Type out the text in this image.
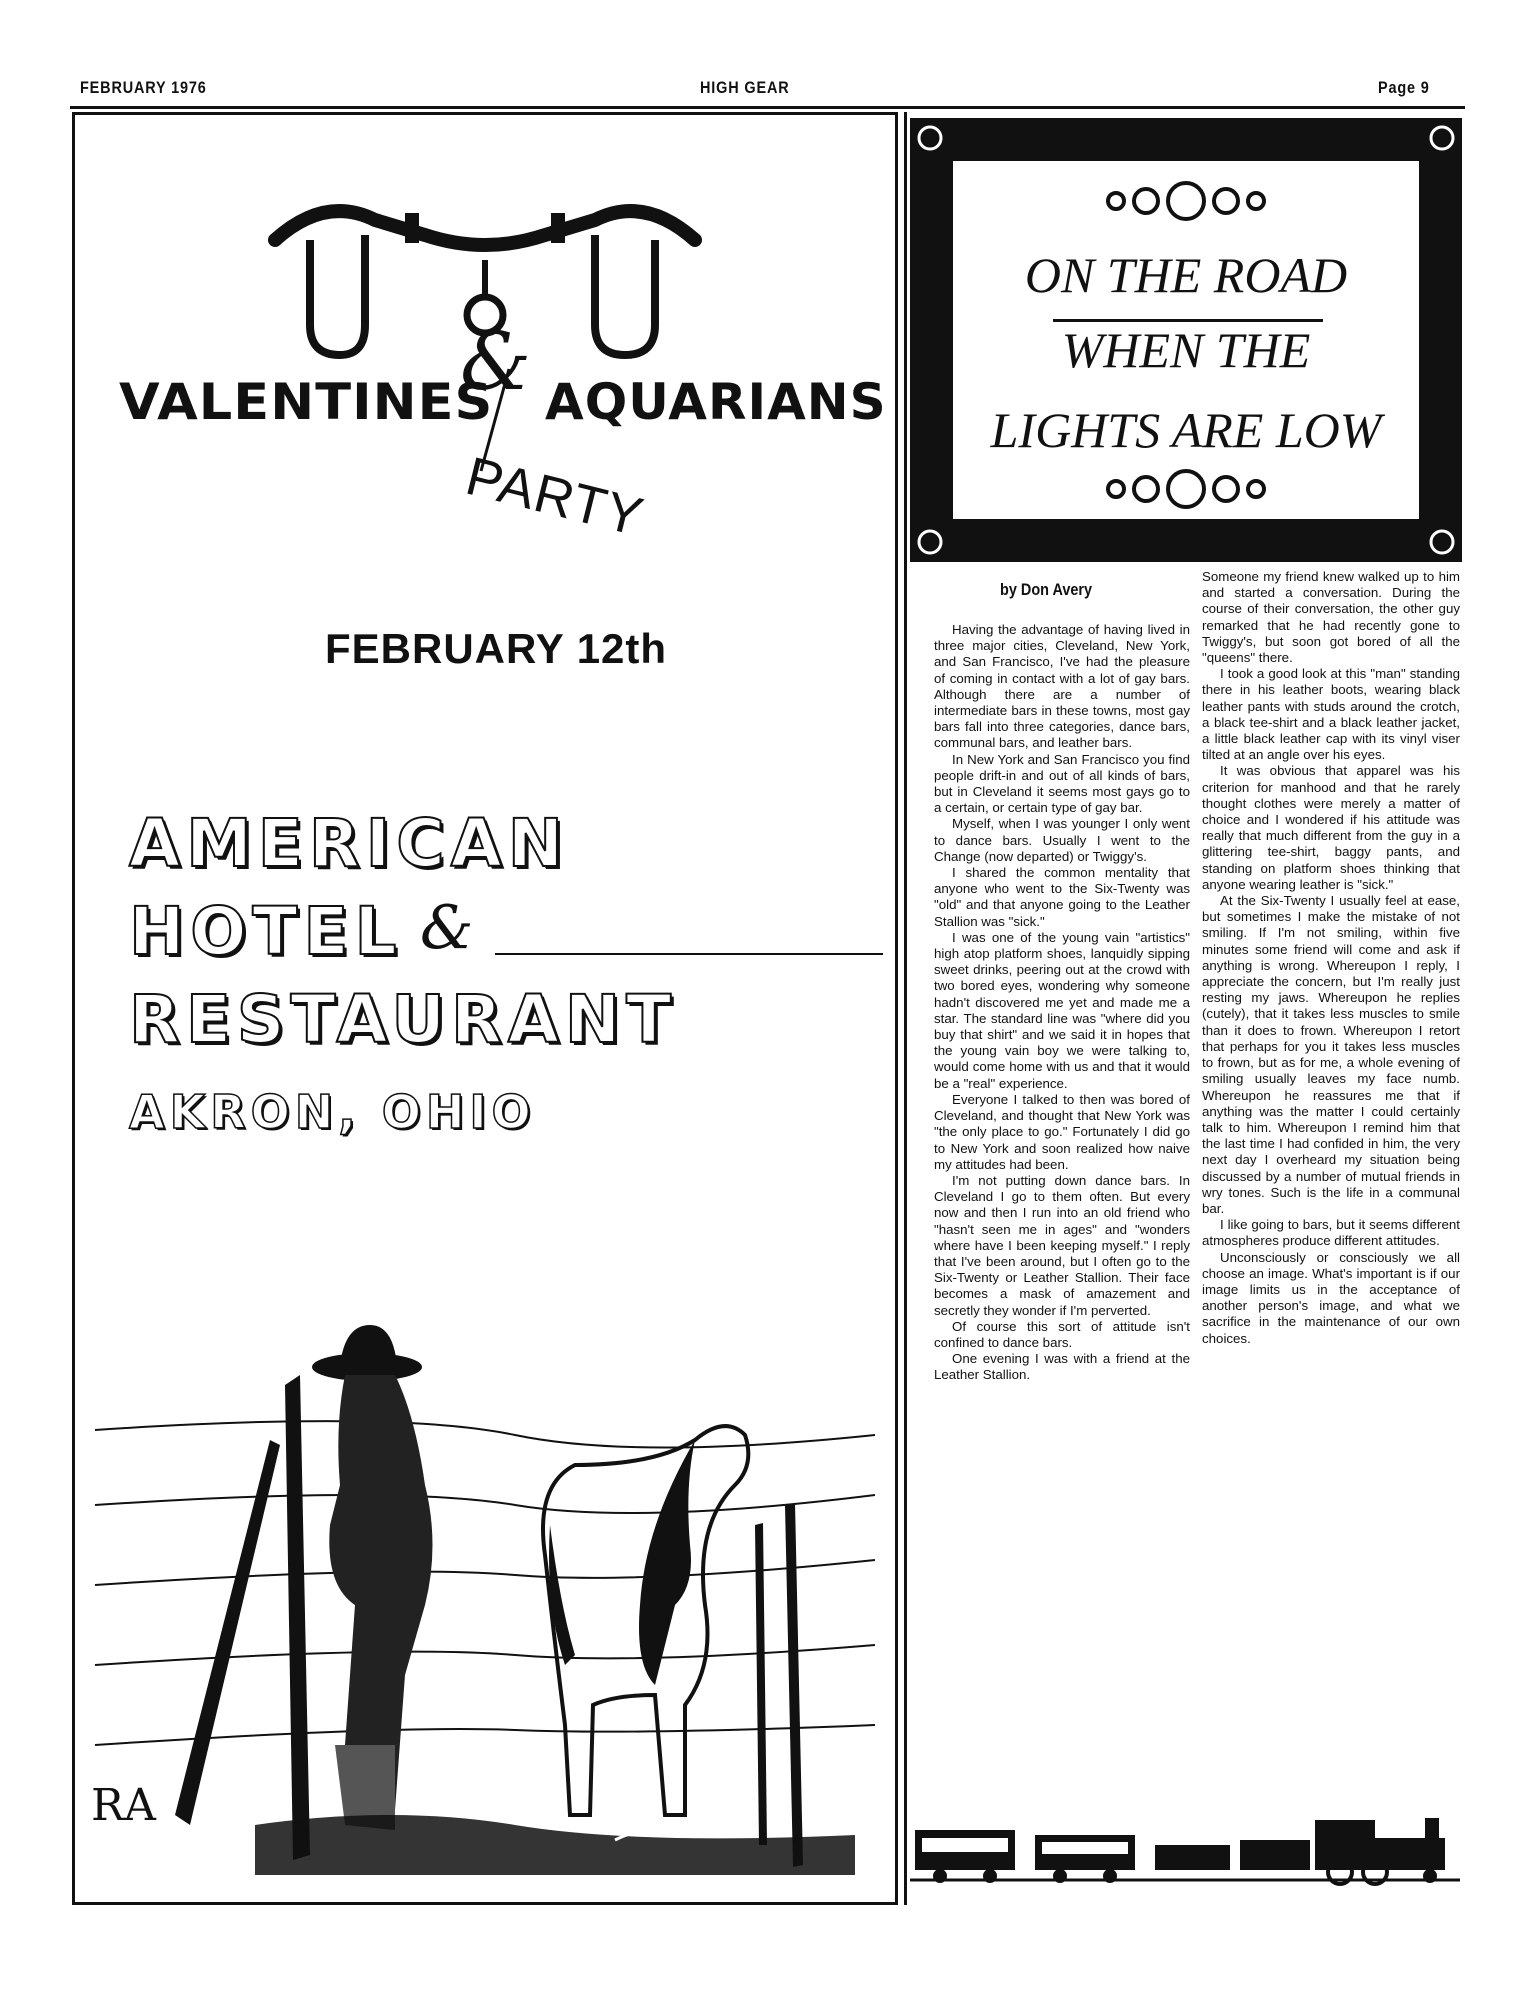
FEBRUARY 1976	HIGH GEAR	Page 9
&
VALENTINES AQUARIANS
PARTY
FEBRUARY 12th
AMERICAN
HOTEL &
RESTAURANT
AKRON, OHIO
RA
ON THE ROAD
WHEN THE
LIGHTS ARE LOW
by Don Avery

Having the advantage of having lived in three major cities, Cleveland, New York, and San Francisco, I've had the pleasure of coming in contact with a lot of gay bars. Although there are a number of intermediate bars in these towns, most gay bars fall into three categories, dance bars, communal bars, and leather bars.

In New York and San Francisco you find people drift-in and out of all kinds of bars, but in Cleveland it seems most gays go to a certain, or certain type of gay bar.

Myself, when I was younger I only went to dance bars. Usually I went to the Change (now departed) or Twiggy's.

I shared the common mentality that anyone who went to the Six-Twenty was "old" and that anyone going to the Leather Stallion was "sick."

I was one of the young vain "artistics" high atop platform shoes, lanquidly sipping sweet drinks, peering out at the crowd with two bored eyes, wondering why someone hadn't discovered me yet and made me a star. The standard line was "where did you buy that shirt" and we said it in hopes that the young vain boy we were talking to, would come home with us and that it would be a "real" experience.

Everyone I talked to then was bored of Cleveland, and thought that New York was "the only place to go." Fortunately I did go to New York and soon realized how naive my attitudes had been.

I'm not putting down dance bars. In Cleveland I go to them often. But every now and then I run into an old friend who "hasn't seen me in ages" and "wonders where have I been keeping myself." I reply that I've been around, but I often go to the Six-Twenty or Leather Stallion. Their face becomes a mask of amazement and secretly they wonder if I'm perverted.

Of course this sort of attitude isn't confined to dance bars.

One evening I was with a friend at the Leather Stallion.

Someone my friend knew walked up to him and started a conversation. During the course of their conversation, the other guy remarked that he had recently gone to Twiggy's, but soon got bored of all the "queens" there.

I took a good look at this "man" standing there in his leather boots, wearing black leather pants with studs around the crotch, a black tee-shirt and a black leather jacket, a little black leather cap with its vinyl viser tilted at an angle over his eyes.

It was obvious that apparel was his criterion for manhood and that he rarely thought clothes were merely a matter of choice and I wondered if his attitude was really that much different from the guy in a glittering tee-shirt, baggy pants, and standing on platform shoes thinking that anyone wearing leather is "sick."

At the Six-Twenty I usually feel at ease, but sometimes I make the mistake of not smiling. If I'm not smiling, within five minutes some friend will come and ask if anything is wrong. Whereupon I reply, I appreciate the concern, but I'm really just resting my jaws. Whereupon he replies (cutely), that it takes less muscles to smile than it does to frown. Whereupon I retort that perhaps for you it takes less muscles to frown, but as for me, a whole evening of smiling usually leaves my face numb. Whereupon he reassures me that if anything was the matter I could certainly talk to him. Whereupon I remind him that the last time I had confided in him, the very next day I overheard my situation being discussed by a number of mutual friends in wry tones. Such is the life in a communal bar.

I like going to bars, but it seems different atmospheres produce different attitudes.

Unconsciously or consciously we all choose an image. What's important is if our image limits us in the acceptance of another person's image, and what we sacrifice in the maintenance of our own choices.
